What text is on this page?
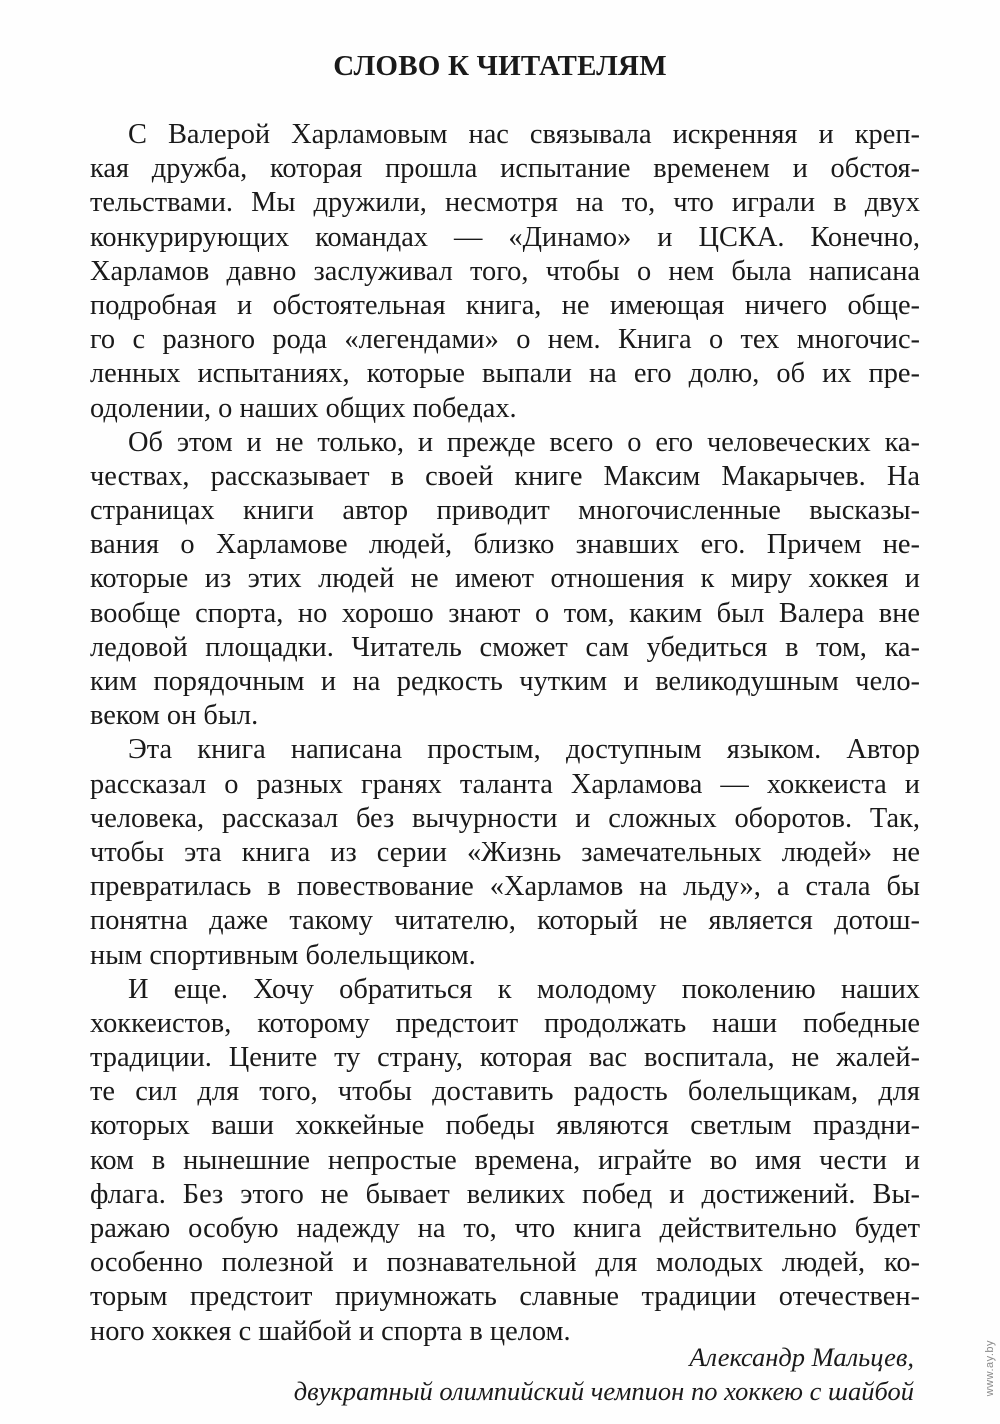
СЛОВО К ЧИТАТЕЛЯМ

С Валерой Харламовым нас связывала искренняя и креп-
кая дружба, которая прошла испытание временем и обстоя-
тельствами. Мы дружили, несмотря на то, что играли в двух
конкурирующих командах — «Динамо» и ЦСКА. Конечно,
Харламов давно заслуживал того, чтобы о нем была написана
подробная и обстоятельная книга, не имеющая ничего обще-
го с разного рода «легендами» о нем. Книга о тех многочис-
ленных испытаниях, которые выпали на его долю, об их пре-
одолении, о наших общих победах.

Об этом и не только, и прежде всего о его человеческих ка-
чествах, рассказывает в своей книге Максим Макарычев. На
страницах книги автор приводит многочисленные высказы-
вания о Харламове людей, близко знавших его. Причем не-
которые из этих людей не имеют отношения к миру хоккея и
вообще спорта, но хорошо знают о том, каким был Валера вне
ледовой площадки. Читатель сможет сам убедиться в том, ка-
ким порядочным и на редкость чутким и великодушным чело-
веком он был.

Эта книга написана простым, доступным языком. Автор
рассказал о разных гранях таланта Харламова — хоккеиста и
человека, рассказал без вычурности и сложных оборотов. Так,
чтобы эта книга из серии «Жизнь замечательных людей» не
превратилась в повествование «Харламов на льду», а стала бы
понятна даже такому читателю, который не является дотош-
ным спортивным болельщиком.

И еще. Хочу обратиться к молодому поколению наших
хоккеистов, которому предстоит продолжать наши победные
традиции. Цените ту страну, которая вас воспитала, не жалей-
те сил для того, чтобы доставить радость болельщикам, для
которых ваши хоккейные победы являются светлым праздни-
ком в нынешние непростые времена, играйте во имя чести и
флага. Без этого не бывает великих побед и достижений. Вы-
ражаю особую надежду на то, что книга действительно будет
особенно полезной и познавательной для молодых людей, ко-
торым предстоит приумножать славные традиции отечествен-
ного хоккея с шайбой и спорта в целом.

Александр Мальцев,
двукратный олимпийский чемпион по хоккею с шайбой	www.ay.by
